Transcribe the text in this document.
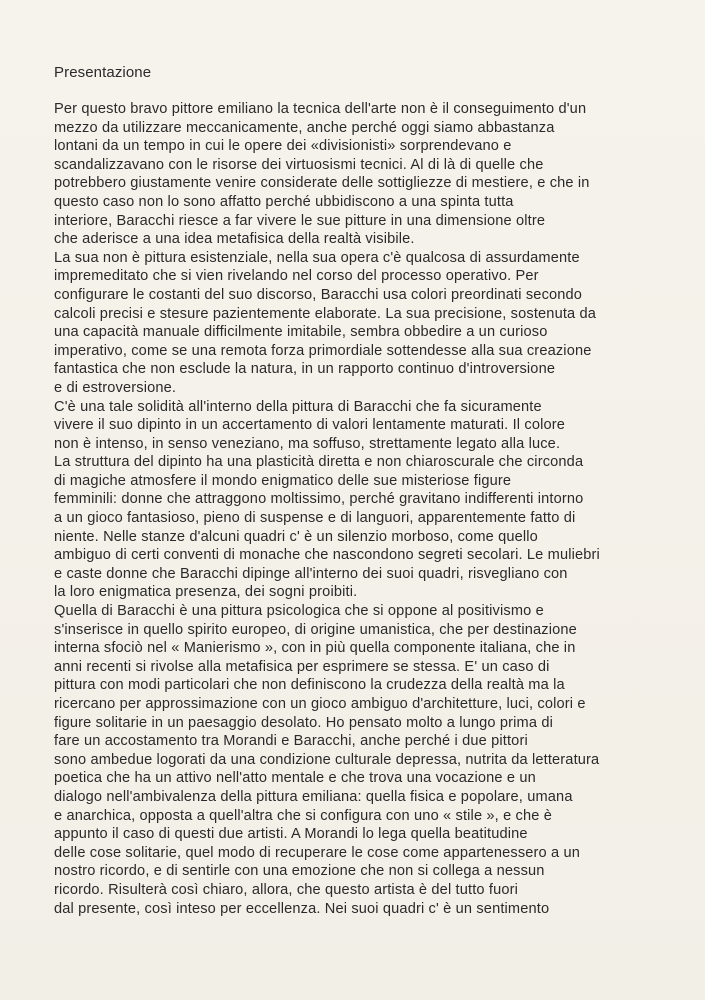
Presentazione
Per questo bravo pittore emiliano la tecnica dell'arte non è il conseguimento d'un
mezzo da utilizzare meccanicamente, anche perché oggi siamo abbastanza
lontani da un tempo in cui le opere dei «divisionisti» sorprendevano e
scandalizzavano con le risorse dei virtuosismi tecnici. Al di là di quelle che
potrebbero giustamente venire considerate delle sottigliezze di mestiere, e che in
questo caso non lo sono affatto perché ubbidiscono a una spinta tutta
interiore, Baracchi riesce a far vivere le sue pitture in una dimensione oltre
che aderisce a una idea metafisica della realtà visibile.
La sua non è pittura esistenziale, nella sua opera c'è qualcosa di assurdamente
impremeditato che si vien rivelando nel corso del processo operativo. Per
configurare le costanti del suo discorso, Baracchi usa colori preordinati secondo
calcoli precisi e stesure pazientemente elaborate. La sua precisione, sostenuta da
una capacità manuale difficilmente imitabile, sembra obbedire a un curioso
imperativo, come se una remota forza primordiale sottendesse alla sua creazione
fantastica che non esclude la natura, in un rapporto continuo d'introversione
e di estroversione.
C'è una tale solidità all'interno della pittura di Baracchi che fa sicuramente
vivere il suo dipinto in un accertamento di valori lentamente maturati. Il colore
non è intenso, in senso veneziano, ma soffuso, strettamente legato alla luce.
La struttura del dipinto ha una plasticità diretta e non chiaroscurale che circonda
di magiche atmosfere il mondo enigmatico delle sue misteriose figure
femminili: donne che attraggono moltissimo, perché gravitano indifferenti intorno
a un gioco fantasioso, pieno di suspense e di languori, apparentemente fatto di
niente. Nelle stanze d'alcuni quadri c' è un silenzio morboso, come quello
ambiguo di certi conventi di monache che nascondono segreti secolari. Le muliebri
e caste donne che Baracchi dipinge all'interno dei suoi quadri, risvegliano con
la loro enigmatica presenza, dei sogni proibiti.
Quella di Baracchi è una pittura psicologica che si oppone al positivismo e
s'inserisce in quello spirito europeo, di origine umanistica, che per destinazione
interna sfociò nel « Manierismo », con in più quella componente italiana, che in
anni recenti si rivolse alla metafisica per esprimere se stessa. E' un caso di
pittura con modi particolari che non definiscono la crudezza della realtà ma la
ricercano per approssimazione con un gioco ambiguo d'architetture, luci, colori e
figure solitarie in un paesaggio desolato. Ho pensato molto a lungo prima di
fare un accostamento tra Morandi e Baracchi, anche perché i due pittori
sono ambedue logorati da una condizione culturale depressa, nutrita da letteratura
poetica che ha un attivo nell'atto mentale e che trova una vocazione e un
dialogo nell'ambivalenza della pittura emiliana: quella fisica e popolare, umana
e anarchica, opposta a quell'altra che si configura con uno « stile », e che è
appunto il caso di questi due artisti. A Morandi lo lega quella beatitudine
delle cose solitarie, quel modo di recuperare le cose come appartenessero a un
nostro ricordo, e di sentirle con una emozione che non si collega a nessun
ricordo. Risulterà così chiaro, allora, che questo artista è del tutto fuori
dal presente, così inteso per eccellenza. Nei suoi quadri c' è un sentimento
